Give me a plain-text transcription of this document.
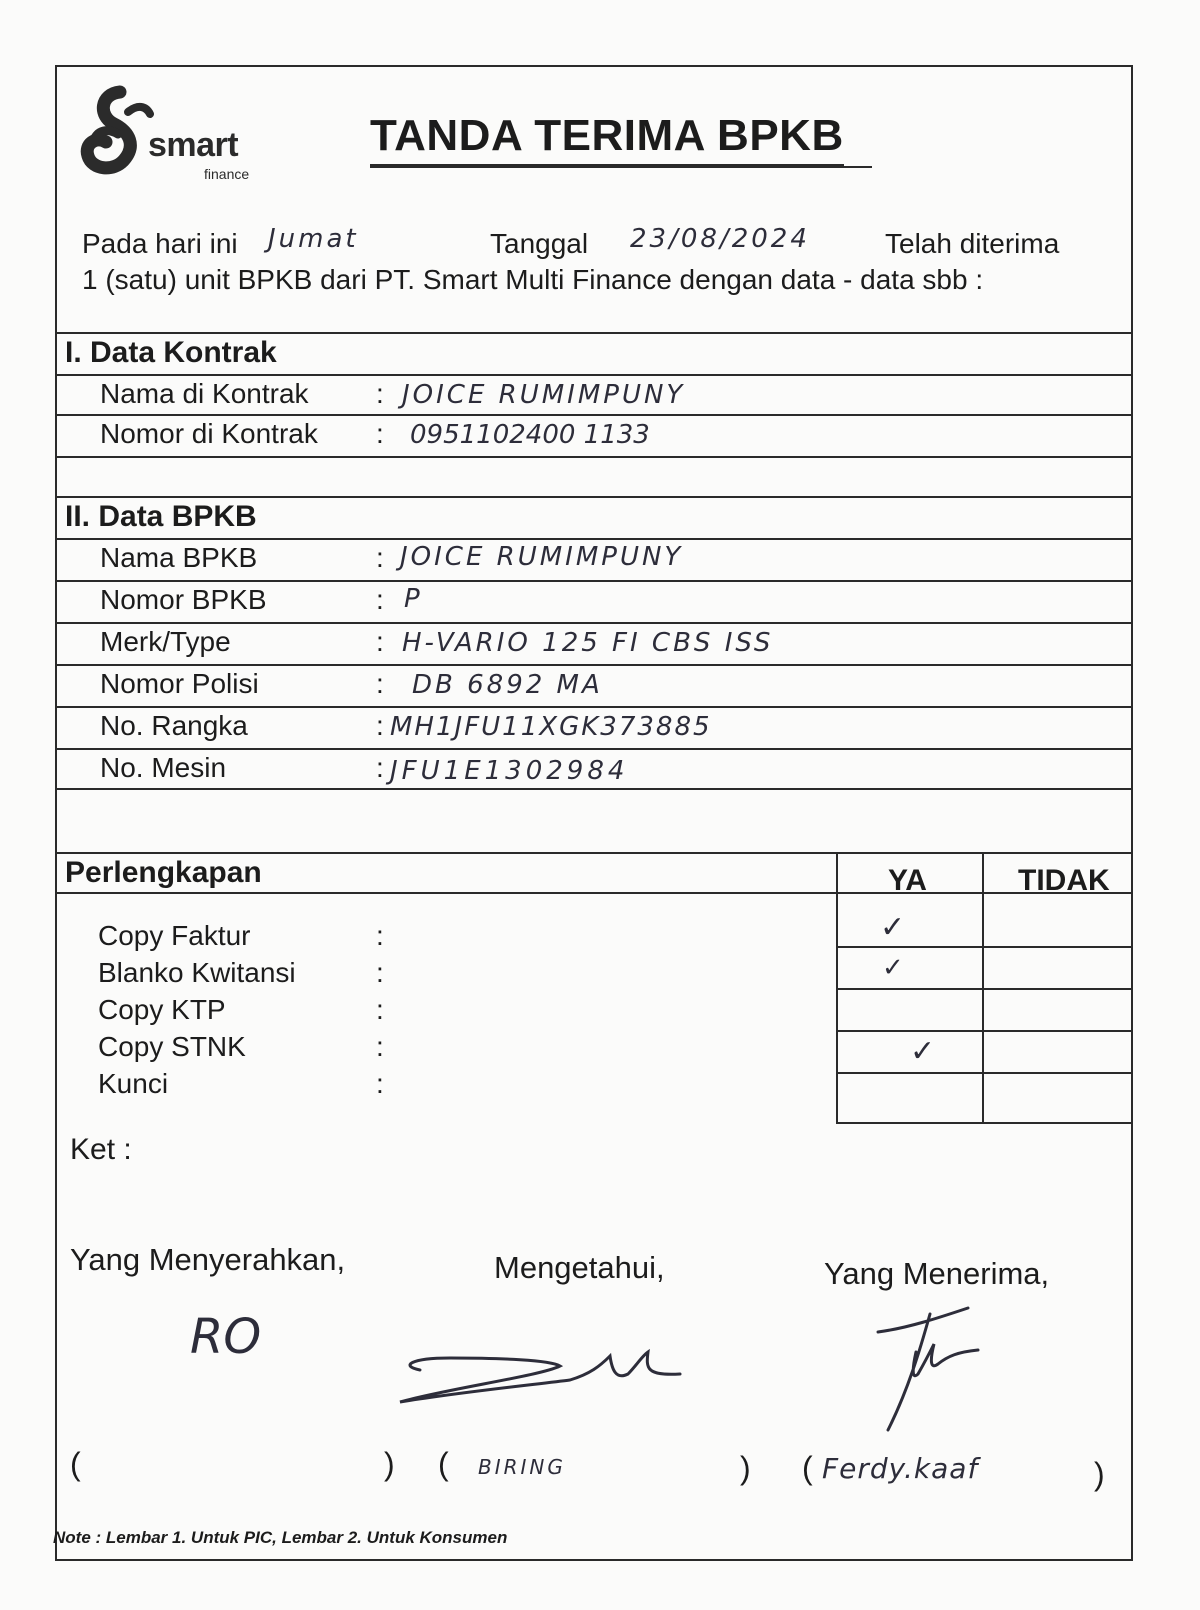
smart
finance
TANDA TERIMA BPKB
Pada hari ini Jumat	Tanggal 23/08/2024	Telah diterima
1 (satu) unit BPKB dari PT. Smart Multi Finance dengan data - data sbb :
I. Data Kontrak
Nama di Kontrak : JOICE RUMIMPUNY
Nomor di Kontrak : 0951102400 1133
II. Data BPKB
Nama BPKB	: JOICE RUMIMPUNY
Nomor BPKB	: P
Merk/Type	: H-VARIO 125 FI CBS ISS
Nomor Polisi	: DB 6892 MA
No. Rangka	: MH1JFU11XGK373885
No. Mesin	: JFU1E1302984
Perlengkapan	YA	TIDAK
Copy Faktur	:	✓
Blanko Kwitansi	:	✓
Copy KTP	:
Copy STNK	:	✓
Kunci	:
Ket :
Yang Menyerahkan,	Mengetahui,	Yang Menerima,
RO
(	) ( BIRING	) ( Ferdy.kaaf	)
Note : Lembar 1. Untuk PIC, Lembar 2. Untuk Konsumen
